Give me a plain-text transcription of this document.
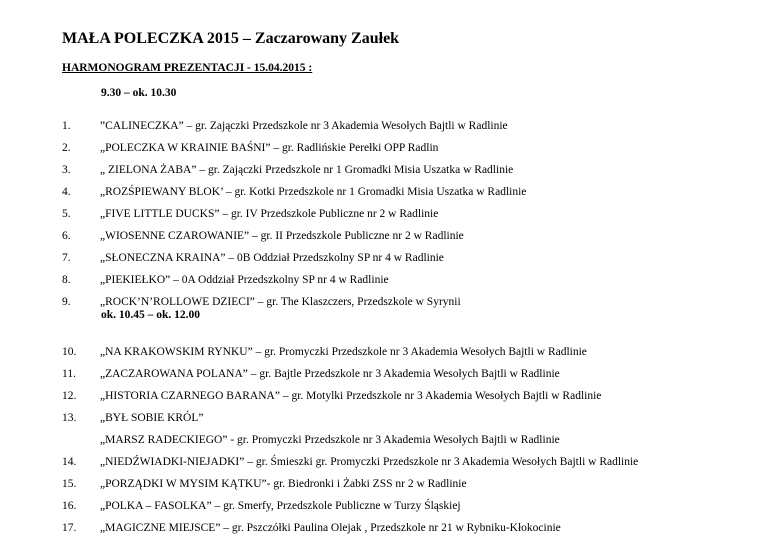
MAŁA POLECZKA 2015 – Zaczarowany Zaułek
HARMONOGRAM PREZENTACJI - 15.04.2015 :
9.30 – ok. 10.30
1.	”CALINECZKA” – gr. Zajączki Przedszkole nr 3 Akademia Wesołych Bajtli w Radlinie
2.	„POLECZKA W KRAINIE BAŚNI” – gr. Radlińskie Perełki OPP Radlin
3.	„ ZIELONA ŻABA” – gr. Zajączki Przedszkole nr 1 Gromadki Misia Uszatka w Radlinie
4.	„ROZŚPIEWANY BLOK’ – gr. Kotki Przedszkole nr 1 Gromadki Misia Uszatka w Radlinie
5.	„FIVE LITTLE DUCKS” – gr. IV Przedszkole Publiczne nr 2 w Radlinie
6.	„WIOSENNE CZAROWANIE” – gr. II Przedszkole Publiczne nr 2 w Radlinie
7.	„SŁONECZNA KRAINA” – 0B Oddział Przedszkolny SP nr 4 w Radlinie
8.	„PIEKIEŁKO” – 0A Oddział Przedszkolny SP nr 4 w Radlinie
9.	„ROCK’N’ROLLOWE DZIECI” – gr. The Klaszczers, Przedszkole w Syrynii
ok. 10.45 – ok. 12.00
10.	„NA KRAKOWSKIM RYNKU” – gr. Promyczki Przedszkole nr 3 Akademia Wesołych Bajtli w Radlinie
11.	„ZACZAROWANA POLANA” – gr. Bajtle Przedszkole nr 3 Akademia Wesołych Bajtli w Radlinie
12.	„HISTORIA CZARNEGO BARANA” – gr. Motylki Przedszkole nr 3 Akademia Wesołych Bajtli w Radlinie
13.	„BYŁ SOBIE KRÓL”
„MARSZ RADECKIEGO” - gr. Promyczki Przedszkole nr 3 Akademia Wesołych Bajtli w Radlinie
14.	„NIEDŹWIADKI-NIEJADKI” – gr. Śmieszki gr. Promyczki Przedszkole nr 3 Akademia Wesołych Bajtli w Radlinie
15.	„PORZĄDKI W MYSIM KĄTKU”- gr. Biedronki i Żabki ZSS nr 2 w Radlinie
16.	„POLKA – FASOLKA” – gr. Smerfy, Przedszkole Publiczne w Turzy Śląskiej
17.	„MAGICZNE MIEJSCE” – gr. Pszczółki Paulina Olejak , Przedszkole nr 21 w Rybniku-Kłokocinie
